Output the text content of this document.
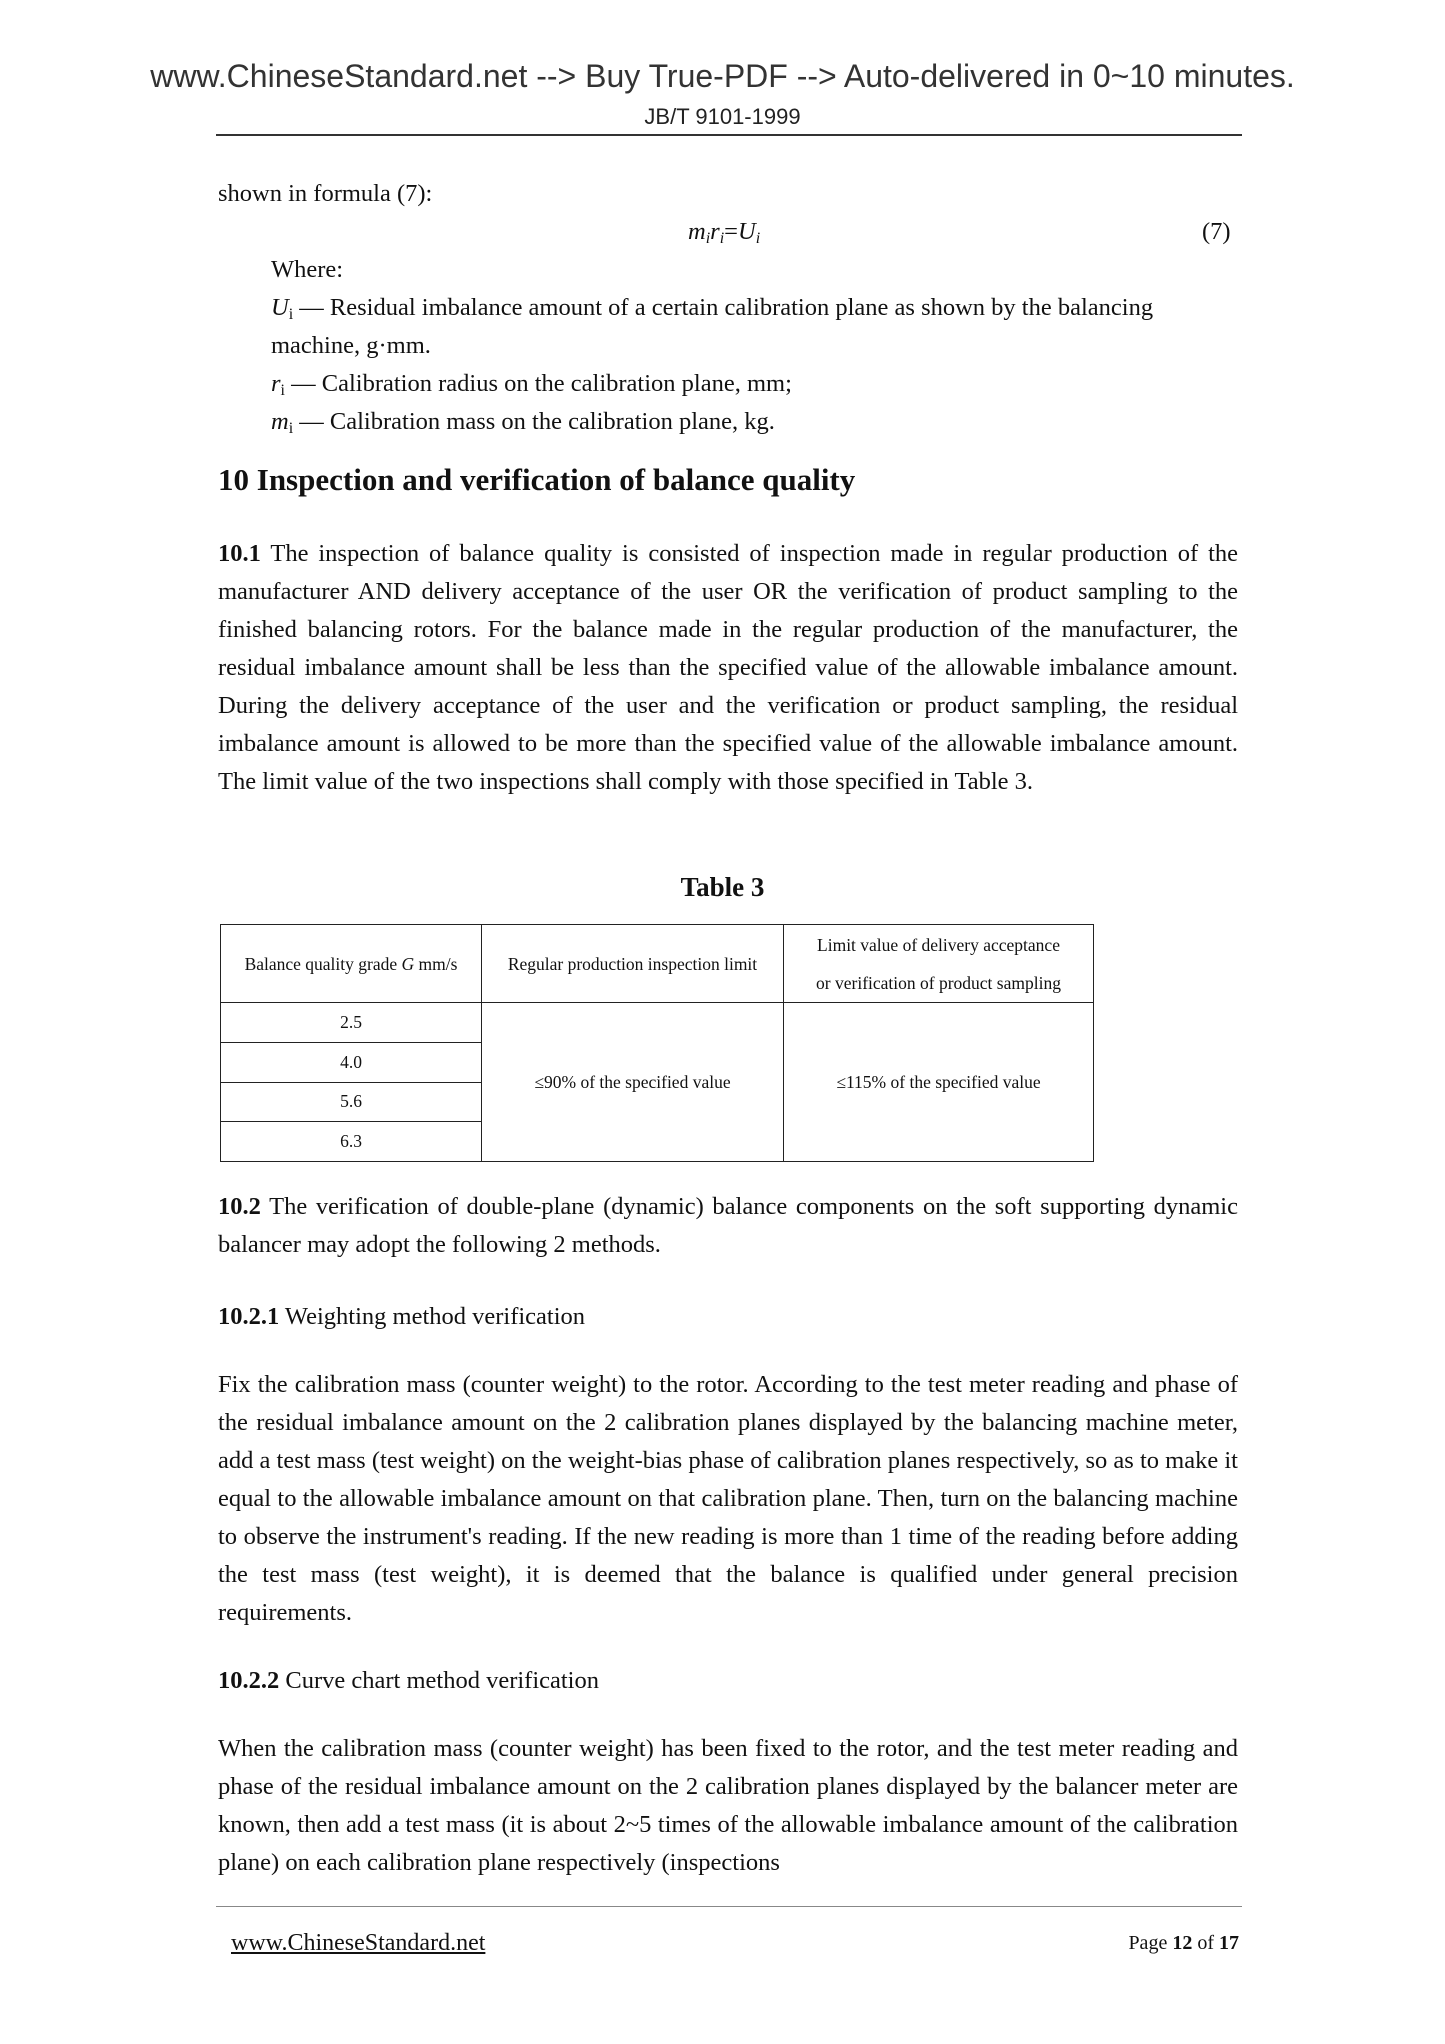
www.ChineseStandard.net --> Buy True-PDF --> Auto-delivered in 0~10 minutes.
JB/T 9101-1999
shown in formula (7):
$m_ir_i=U_i$	(7)
Where:
$U_i$ — Residual imbalance amount of a certain calibration plane as shown by the balancing
machine, g·mm.
$r_i$ — Calibration radius on the calibration plane, mm;
$m_i$ — Calibration mass on the calibration plane, kg.
10 Inspection and verification of balance quality
10.1 The inspection of balance quality is consisted of inspection made in regular production of the manufacturer AND delivery acceptance of the user OR the verification of product sampling to the finished balancing rotors. For the balance made in the regular production of the manufacturer, the residual imbalance amount shall be less than the specified value of the allowable imbalance amount. During the delivery acceptance of the user and the verification or product sampling, the residual imbalance amount is allowed to be more than the specified value of the allowable imbalance amount. The limit value of the two inspections shall comply with those specified in Table 3.
Table 3
Balance quality grade G mm/s	Regular production inspection limit	Limit value of delivery acceptance
or verification of product sampling

2.5	≤90% of the specified value	≤115% of the specified value
4.0		
5.6		
6.3		
10.2 The verification of double-plane (dynamic) balance components on the soft supporting dynamic balancer may adopt the following 2 methods.
10.2.1 Weighting method verification
Fix the calibration mass (counter weight) to the rotor. According to the test meter reading and phase of the residual imbalance amount on the 2 calibration planes displayed by the balancing machine meter, add a test mass (test weight) on the weight-bias phase of calibration planes respectively, so as to make it equal to the allowable imbalance amount on that calibration plane. Then, turn on the balancing machine to observe the instrument's reading. If the new reading is more than 1 time of the reading before adding the test mass (test weight), it is deemed that the balance is qualified under general precision requirements.
10.2.2 Curve chart method verification
When the calibration mass (counter weight) has been fixed to the rotor, and the test meter reading and phase of the residual imbalance amount on the 2 calibration planes displayed by the balancer meter are known, then add a test mass (it is about 2~5 times of the allowable imbalance amount of the calibration plane) on each calibration plane respectively (inspections
www.ChineseStandard.net	Page 12 of 17
